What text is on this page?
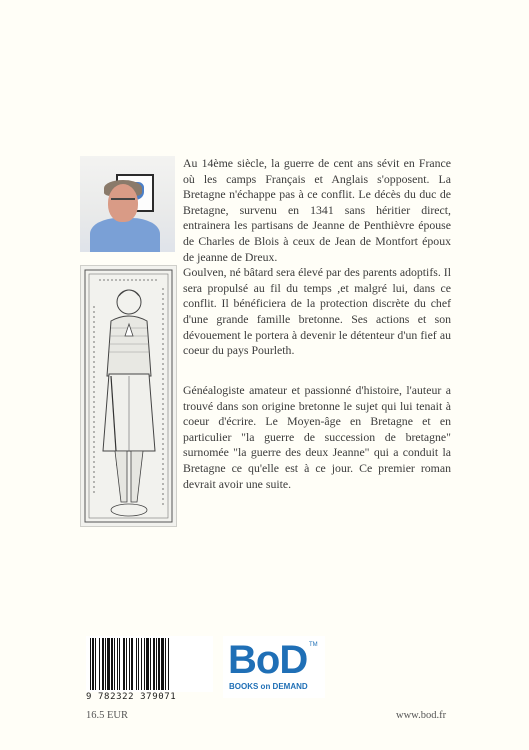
Au 14ème siècle, la guerre de cent ans sévit en France où les camps Français et Anglais s'opposent. La Bretagne n'échappe pas à ce conflit. Le décès du duc de Bretagne, survenu en 1341 sans héritier direct, entrainera les partisans de Jeanne de Penthièvre épouse de Charles de Blois à ceux de Jean de Montfort époux de jeanne de Dreux.

Goulven, né bâtard sera élevé par des parents adoptifs. Il sera propulsé au fil du temps ,et malgré lui, dans ce conflit. Il bénéficiera de la protection discrète du chef d'une grande famille bretonne. Ses actions et son dévouement le portera à devenir le détenteur d'un fief au coeur du pays Pourleth.

Généalogiste amateur et passionné d'histoire, l'auteur a trouvé dans son origine bretonne le sujet qui lui tenait à coeur d'écrire. Le Moyen-âge en Bretagne et en particulier "la guerre de succession de bretagne" surnomée "la guerre des deux Jeanne" qui a conduit la Bretagne ce qu'elle est à ce jour. Ce premier roman devrait avoir une suite.

9 782322 379071
BoD TM
BOOKS on DEMAND
16.5 EUR	www.bod.fr
